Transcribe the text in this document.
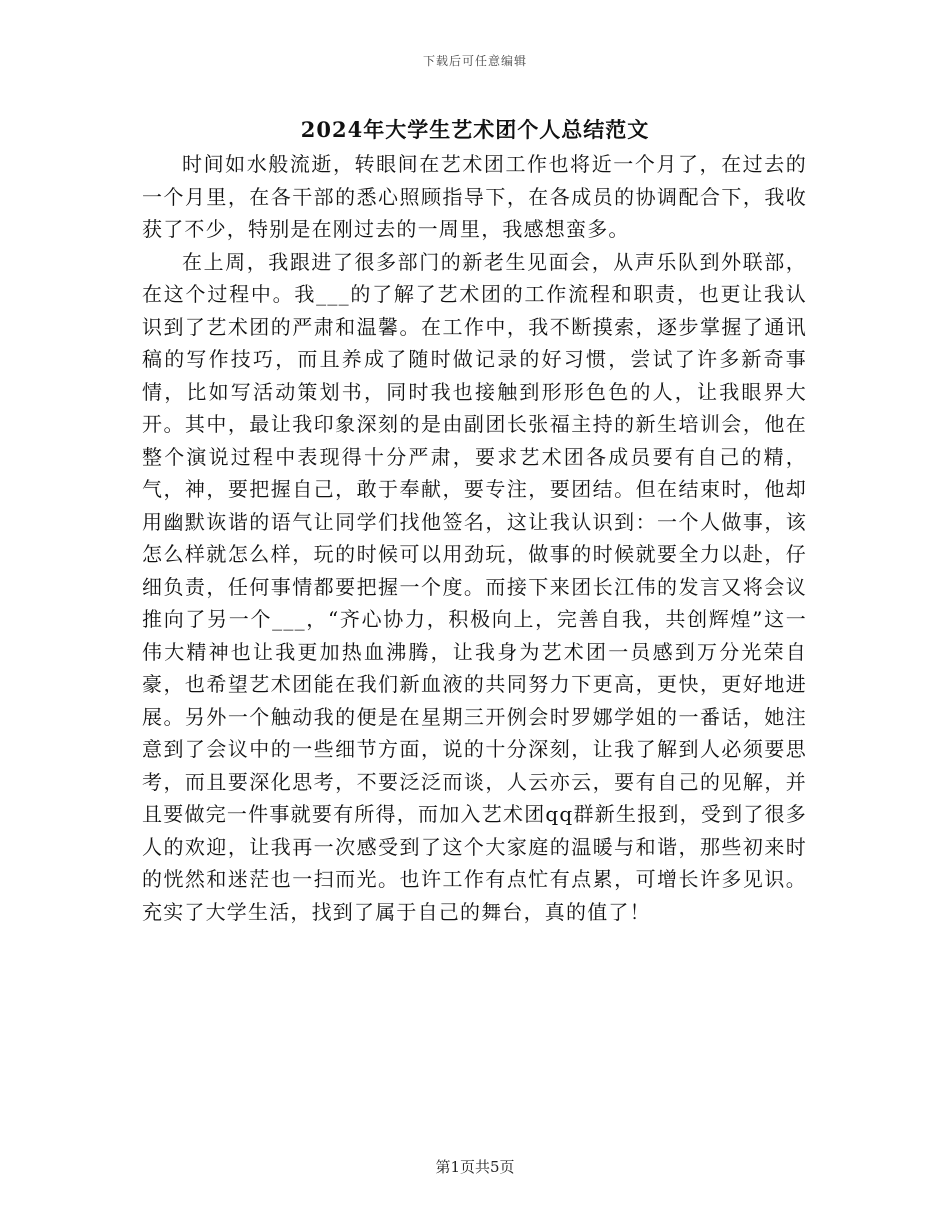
下载后可任意编辑
2024年大学生艺术团个人总结范文

时间如水般流逝，转眼间在艺术团工作也将近一个月了，在过去的一个月里，在各干部的悉心照顾指导下，在各成员的协调配合下，我收获了不少，特别是在刚过去的一周里，我感想蛮多。

在上周，我跟进了很多部门的新老生见面会，从声乐队到外联部，在这个过程中。我___的了解了艺术团的工作流程和职责，也更让我认识到了艺术团的严肃和温馨。在工作中，我不断摸索，逐步掌握了通讯稿的写作技巧，而且养成了随时做记录的好习惯，尝试了许多新奇事情，比如写活动策划书，同时我也接触到形形色色的人，让我眼界大开。其中，最让我印象深刻的是由副团长张福主持的新生培训会，他在整个演说过程中表现得十分严肃，要求艺术团各成员要有自己的精，气，神，要把握自己，敢于奉献，要专注，要团结。但在结束时，他却用幽默诙谐的语气让同学们找他签名，这让我认识到：一个人做事，该怎么样就怎么样，玩的时候可以用劲玩，做事的时候就要全力以赴，仔细负责，任何事情都要把握一个度。而接下来团长江伟的发言又将会议推向了另一个___，“齐心协力，积极向上，完善自我，共创辉煌”这一伟大精神也让我更加热血沸腾，让我身为艺术团一员感到万分光荣自豪，也希望艺术团能在我们新血液的共同努力下更高，更快，更好地进展。另外一个触动我的便是在星期三开例会时罗娜学姐的一番话，她注意到了会议中的一些细节方面，说的十分深刻，让我了解到人必须要思考，而且要深化思考，不要泛泛而谈，人云亦云，要有自己的见解，并且要做完一件事就要有所得，而加入艺术团qq群新生报到，受到了很多人的欢迎，让我再一次感受到了这个大家庭的温暖与和谐，那些初来时的恍然和迷茫也一扫而光。也许工作有点忙有点累，可增长许多见识。充实了大学生活，找到了属于自己的舞台，真的值了！

第1页共5页
